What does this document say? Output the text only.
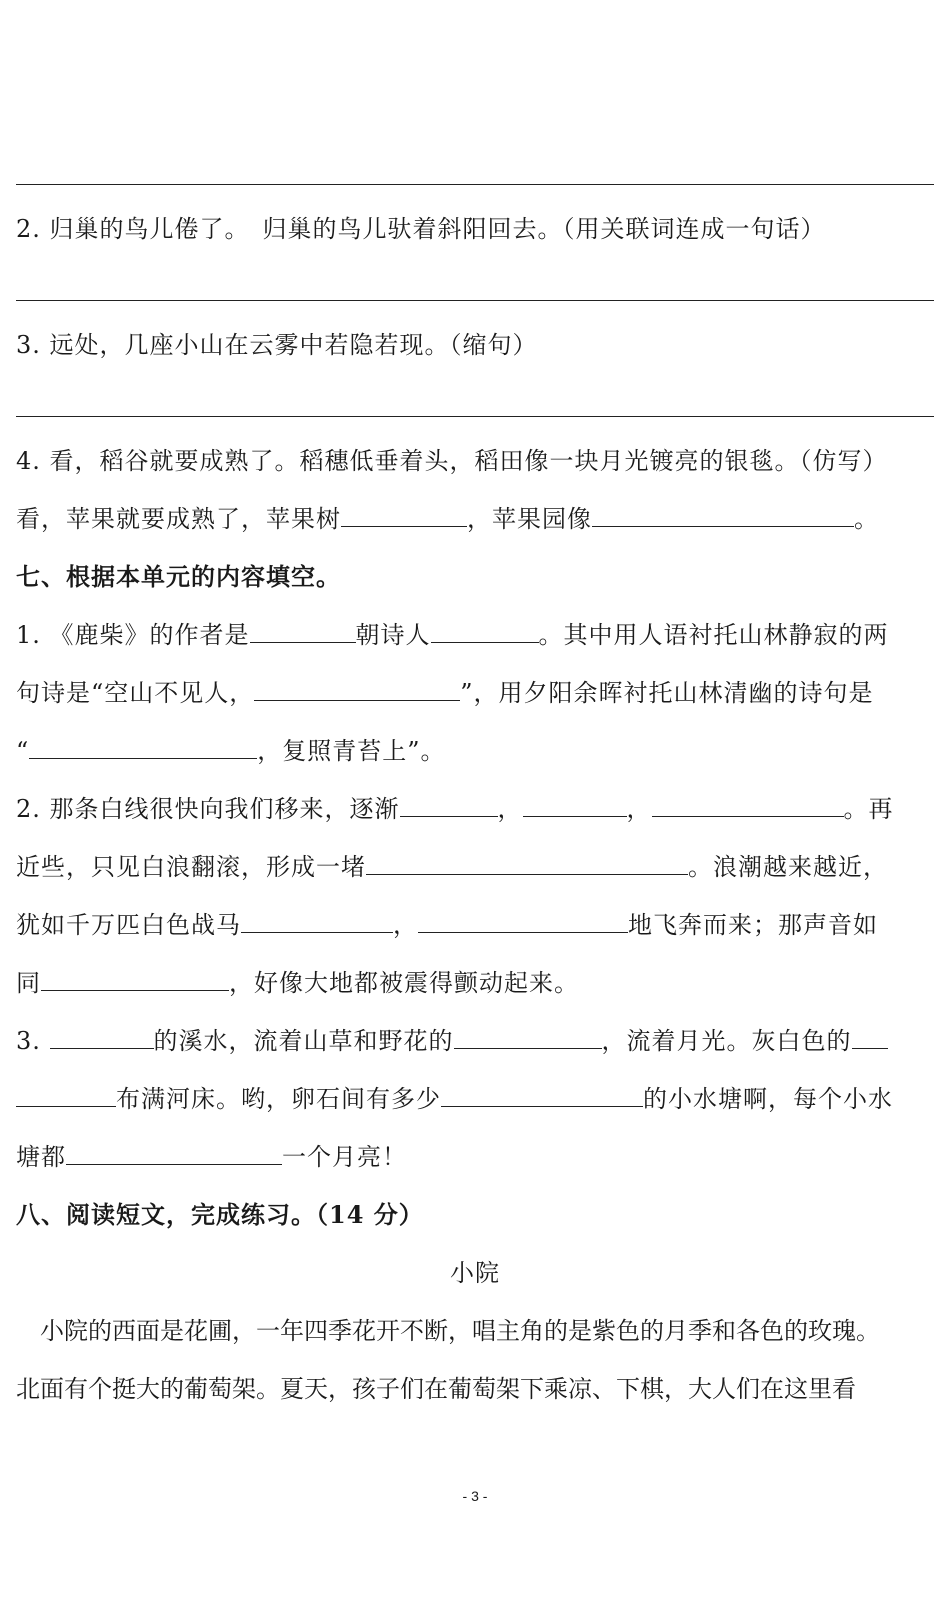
2. 归巢的鸟儿倦了。　归巢的鸟儿驮着斜阳回去。（用关联词连成一句话）
3. 远处，几座小山在云雾中若隐若现。（缩句）
4. 看，稻谷就要成熟了。稻穗低垂着头，稻田像一块月光镀亮的银毯。（仿写）
看，苹果就要成熟了，苹果树	，苹果园像	。
七、根据本单元的内容填空。
1. 《鹿柴》的作者是	朝诗人	。其中用人语衬托山林静寂的两
句诗是“空山不见人，	”，用夕阳余晖衬托山林清幽的诗句是
“	，复照青苔上”。
2. 那条白线很快向我们移来，逐渐	，	，	。再
近些，只见白浪翻滚，形成一堵	。浪潮越来越近，
犹如千万匹白色战马	，	地飞奔而来；那声音如
同	，好像大地都被震得颤动起来。
3.	的溪水，流着山草和野花的	，流着月光。灰白色的
布满河床。哟，卵石间有多少	的小水塘啊，每个小水
塘都	一个月亮！
八、阅读短文，完成练习。（14 分）
小院
　小院的西面是花圃，一年四季花开不断，唱主角的是紫色的月季和各色的玫瑰。
北面有个挺大的葡萄架。夏天，孩子们在葡萄架下乘凉、下棋，大人们在这里看
- 3 -
